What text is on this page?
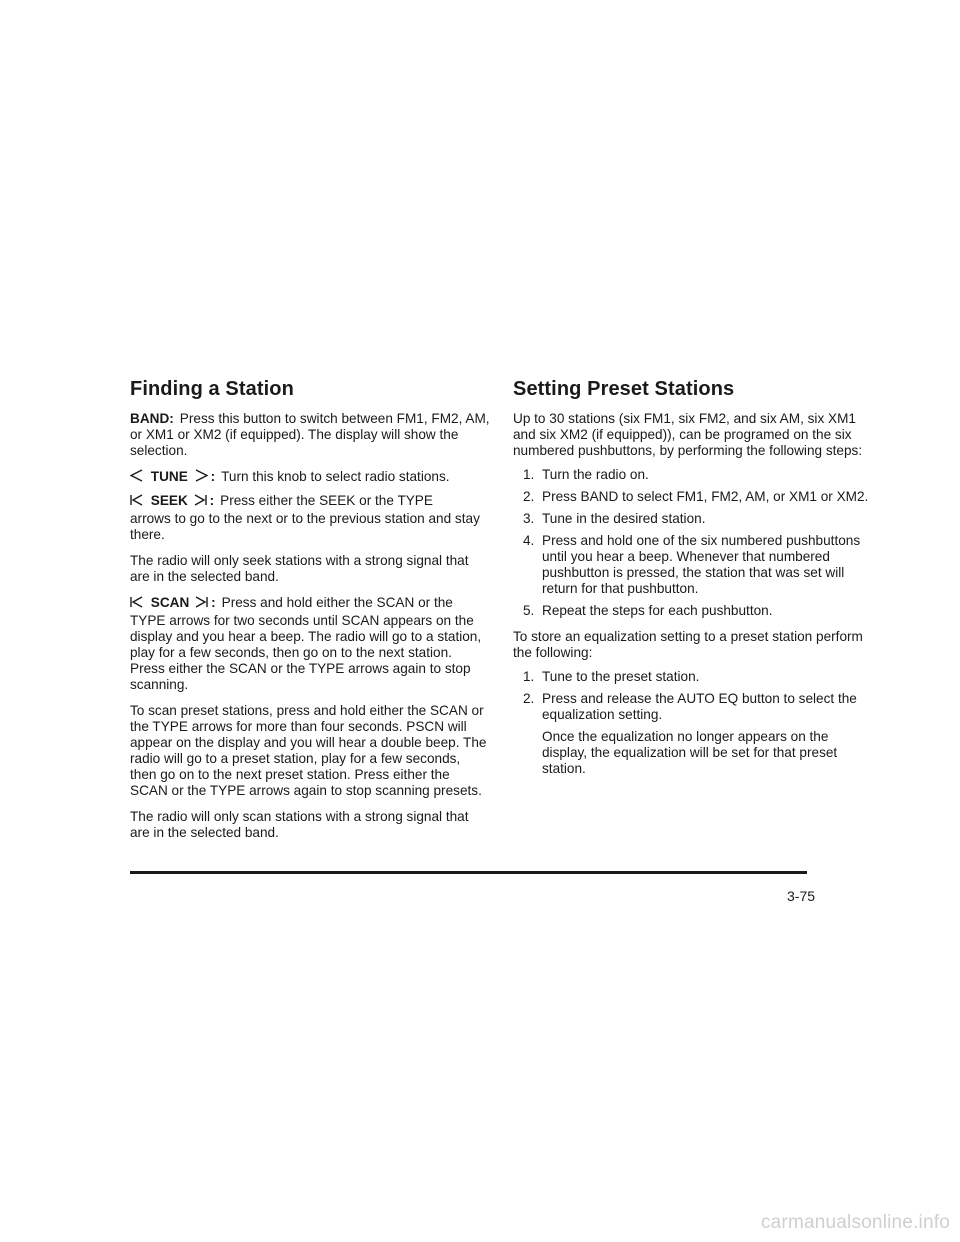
Finding a Station

BAND: Press this button to switch between FM1, FM2, AM, or XM1 or XM2 (if equipped). The display will show the selection.

TUNE : Turn this knob to select radio stations.

SEEK : Press either the SEEK or the TYPE

arrows to go to the next or to the previous station and stay there.

The radio will only seek stations with a strong signal that are in the selected band.

SCAN : Press and hold either the SCAN or the

TYPE arrows for two seconds until SCAN appears on the display and you hear a beep. The radio will go to a station, play for a few seconds, then go on to the next station. Press either the SCAN or the TYPE arrows again to stop scanning.

To scan preset stations, press and hold either the SCAN or the TYPE arrows for more than four seconds. PSCN will appear on the display and you will hear a double beep. The radio will go to a preset station, play for a few seconds, then go on to the next preset station. Press either the SCAN or the TYPE arrows again to stop scanning presets.

The radio will only scan stations with a strong signal that are in the selected band.

Setting Preset Stations

Up to 30 stations (six FM1, six FM2, and six AM, six XM1 and six XM2 (if equipped)), can be programed on the six numbered pushbuttons, by performing the following steps:

1. Turn the radio on.
2. Press BAND to select FM1, FM2, AM, or XM1 or XM2.
3. Tune in the desired station.
4. Press and hold one of the six numbered pushbuttons until you hear a beep. Whenever that numbered pushbutton is pressed, the station that was set will return for that pushbutton.
5. Repeat the steps for each pushbutton.

To store an equalization setting to a preset station perform the following:

1. Tune to the preset station.
2. Press and release the AUTO EQ button to select the equalization setting.

Once the equalization no longer appears on the display, the equalization will be set for that preset station.

3-75
carmanualsonline.info
